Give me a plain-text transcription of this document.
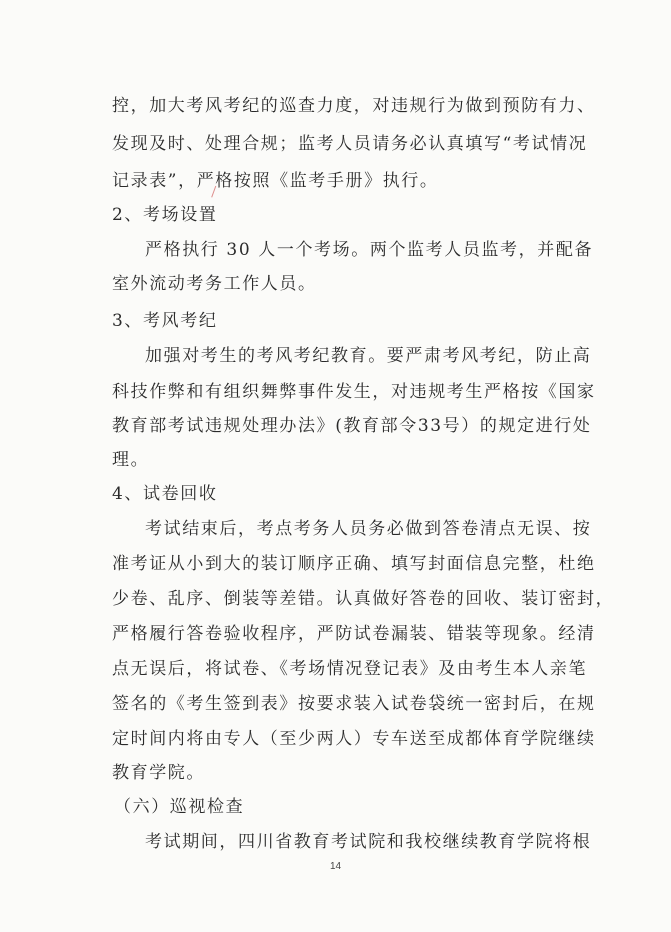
控，加大考风考纪的巡查力度，对违规行为做到预防有力、
发现及时、处理合规；监考人员请务必认真填写“考试情况
记录表”，严格按照《监考手册》执行。
2、考场设置
严格执行 30 人一个考场。两个监考人员监考，并配备
室外流动考务工作人员。
3、考风考纪
加强对考生的考风考纪教育。要严肃考风考纪，防止高
科技作弊和有组织舞弊事件发生，对违规考生严格按《国家
教育部考试违规处理办法》(教育部令33号）的规定进行处
理。
4、试卷回收
考试结束后，考点考务人员务必做到答卷清点无误、按
准考证从小到大的装订顺序正确、填写封面信息完整，杜绝
少卷、乱序、倒装等差错。认真做好答卷的回收、装订密封，
严格履行答卷验收程序，严防试卷漏装、错装等现象。经清
点无误后，将试卷、《考场情况登记表》及由考生本人亲笔
签名的《考生签到表》按要求装入试卷袋统一密封后，在规
定时间内将由专人（至少两人）专车送至成都体育学院继续
教育学院。
（六）巡视检查
考试期间，四川省教育考试院和我校继续教育学院将根
14
